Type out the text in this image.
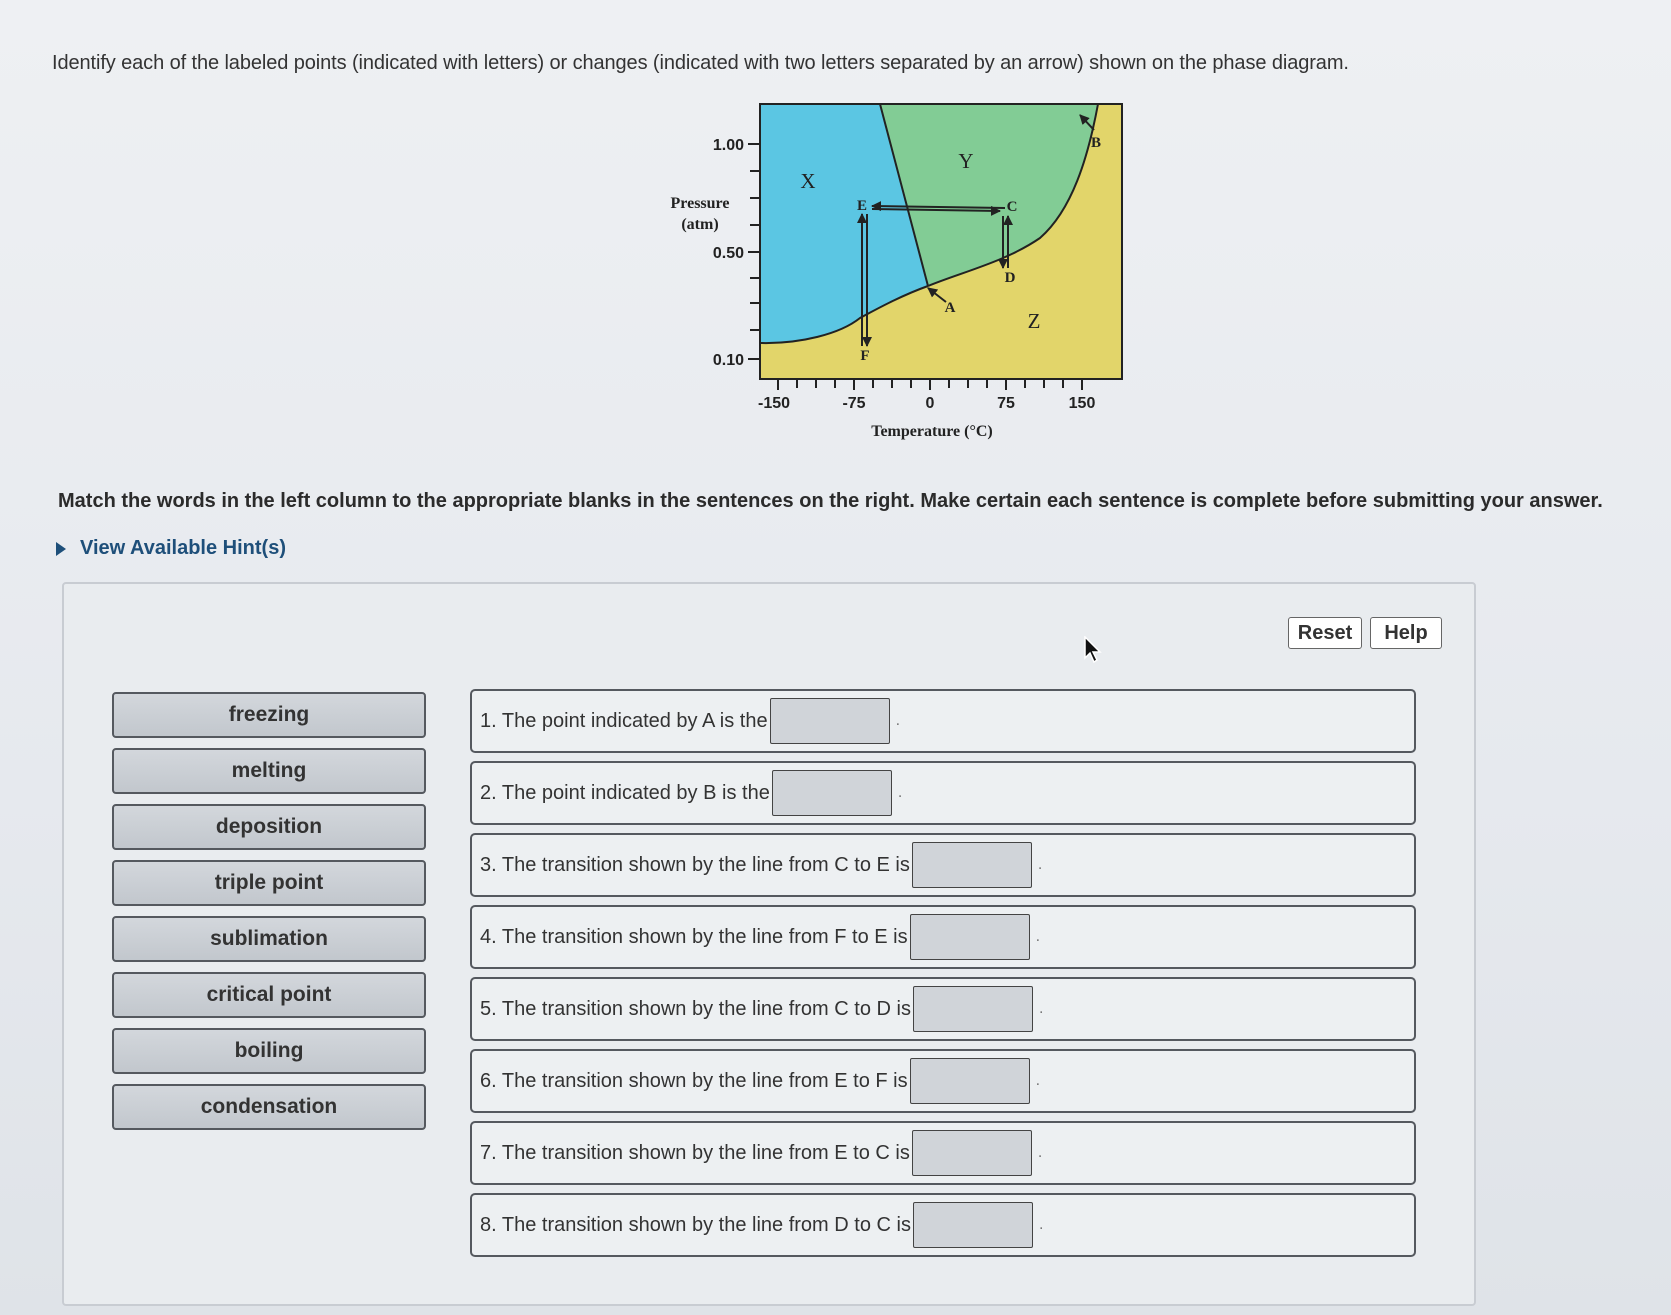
Identify each of the labeled points (indicated with letters) or changes (indicated with two letters separated by an arrow) shown on the phase diagram.
1.00
0.50
0.10
Pressure
(atm)
-150	-75	0	75	150
Temperature (°C)
X
Y
Z
A
B
C
D
E
F
Match the words in the left column to the appropriate blanks in the sentences on the right. Make certain each sentence is complete before submitting your answer.
View Available Hint(s)
Reset	Help
freezing
melting
deposition
triple point
sublimation
critical point
boiling
condensation
1. The point indicated by A is the	.
2. The point indicated by B is the	.
3. The transition shown by the line from C to E is	.
4. The transition shown by the line from F to E is	.
5. The transition shown by the line from C to D is	.
6. The transition shown by the line from E to F is	.
7. The transition shown by the line from E to C is	.
8. The transition shown by the line from D to C is	.
